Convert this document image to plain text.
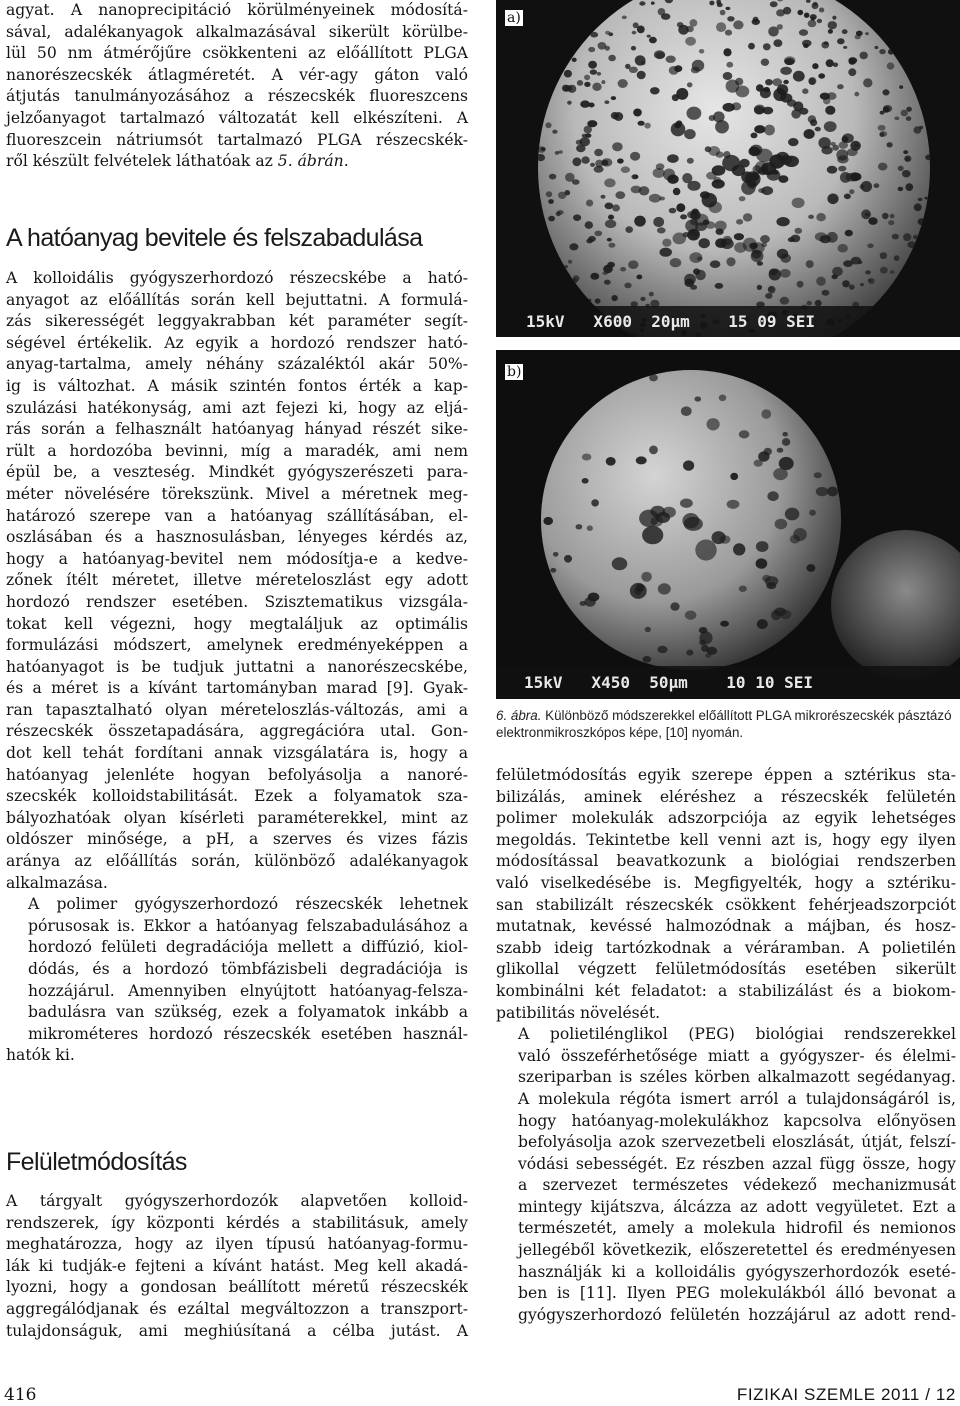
agyat. A nanoprecipitáció körülményeinek módosítá-
sával, adalékanyagok alkalmazásával sikerült körülbe-
lül 50 nm átmérőjűre csökkenteni az előállított PLGA
nanorészecskék átlagméretét. A vér-agy gáton való
átjutás tanulmányozásához a részecskék fluoreszcens
jelzőanyagot tartalmazó változatát kell elkészíteni. A
fluoreszcein nátriumsót tartalmazó PLGA részecskék-
ről készült felvételek láthatóak az 5. ábrán.

A hatóanyag bevitele és felszabadulása

A kolloidális gyógyszerhordozó részecskébe a ható-
anyagot az előállítás során kell bejuttatni. A formulá-
zás sikerességét leggyakrabban két paraméter segít-
ségével értékelik. Az egyik a hordozó rendszer ható-
anyag-tartalma, amely néhány százaléktól akár 50%-
ig is változhat. A másik szintén fontos érték a kap-
szulázási hatékonyság, ami azt fejezi ki, hogy az eljá-
rás során a felhasznált hatóanyag hányad részét sike-
rült a hordozóba bevinni, míg a maradék, ami nem
épül be, a veszteség. Mindkét gyógyszerészeti para-
méter növelésére törekszünk. Mivel a méretnek meg-
határozó szerepe van a hatóanyag szállításában, el-
oszlásában és a hasznosulásban, lényeges kérdés az,
hogy a hatóanyag-bevitel nem módosítja-e a kedve-
zőnek ítélt méretet, illetve méreteloszlást egy adott
hordozó rendszer esetében. Szisztematikus vizsgála-
tokat kell végezni, hogy megtaláljuk az optimális
formulázási módszert, amelynek eredményeképpen a
hatóanyagot is be tudjuk juttatni a nanorészecskébe,
és a méret is a kívánt tartományban marad [9]. Gyak-
ran tapasztalható olyan méreteloszlás-változás, ami a
részecskék összetapadására, aggregációra utal. Gon-
dot kell tehát fordítani annak vizsgálatára is, hogy a
hatóanyag jelenléte hogyan befolyásolja a nanoré-
szecskék kolloidstabilitását. Ezek a folyamatok sza-
bályozhatóak olyan kísérleti paraméterekkel, mint az
oldószer minősége, a pH, a szerves és vizes fázis
aránya az előállítás során, különböző adalékanyagok
alkalmazása.

A polimer gyógyszerhordozó részecskék lehetnek
pórusosak is. Ekkor a hatóanyag felszabadulásához a
hordozó felületi degradációja mellett a diffúzió, kiol-
dódás, és a hordozó tömbfázisbeli degradációja is
hozzájárul. Amennyiben elnyújtott hatóanyag-felsza-
badulásra van szükség, ezek a folyamatok inkább a
mikrométeres hordozó részecskék esetében használ-
hatók ki.

Felületmódosítás

A tárgyalt gyógyszerhordozók alapvetően kolloid-
rendszerek, így központi kérdés a stabilitásuk, amely
meghatározza, hogy az ilyen típusú hatóanyag-formu-
lák ki tudják-e fejteni a kívánt hatást. Meg kell akadá-
lyozni, hogy a gondosan beállított méretű részecskék
aggregálódjanak és ezáltal megváltozzon a transzport-
tulajdonságuk, ami meghiúsítaná a célba jutást. A

15kV   X600  20μm    15 09 SEI
a)
15kV   X450  50μm    10 10 SEI
b)
6. ábra. Különböző módszerekkel előállított PLGA mikrorészecskék pásztázó elektronmikroszkópos képe, [10] nyomán.

felületmódosítás egyik szerepe éppen a sztérikus sta-
bilizálás, aminek eléréshez a részecskék felületén
polimer molekulák adszorpciója az egyik lehetséges
megoldás. Tekintetbe kell venni azt is, hogy egy ilyen
módosítással beavatkozunk a biológiai rendszerben
való viselkedésébe is. Megfigyelték, hogy a sztériku-
san stabilizált részecskék csökkent fehérjeadszorpciót
mutatnak, kevéssé halmozódnak a májban, és hosz-
szabb ideig tartózkodnak a véráramban. A polietilén
glikollal végzett felületmódosítás esetében sikerült
kombinálni két feladatot: a stabilizálást és a biokom-
patibilitás növelését.

A polietilénglikol (PEG) biológiai rendszerekkel
való összeférhetősége miatt a gyógyszer- és élelmi-
szeriparban is széles körben alkalmazott segédanyag.
A molekula régóta ismert arról a tulajdonságáról is,
hogy hatóanyag-molekulákhoz kapcsolva előnyösen
befolyásolja azok szervezetbeli eloszlását, útját, felszí-
vódási sebességét. Ez részben azzal függ össze, hogy
a szervezet természetes védekező mechanizmusát
mintegy kijátszva, álcázza az adott vegyületet. Ezt a
természetét, amely a molekula hidrofil és nemionos
jellegéből következik, előszeretettel és eredményesen
használják ki a kolloidális gyógyszerhordozók eseté-
ben is [11]. Ilyen PEG molekulákból álló bevonat a
gyógyszerhordozó felületén hozzájárul az adott rend-

416	FIZIKAI SZEMLE 2011 / 12
